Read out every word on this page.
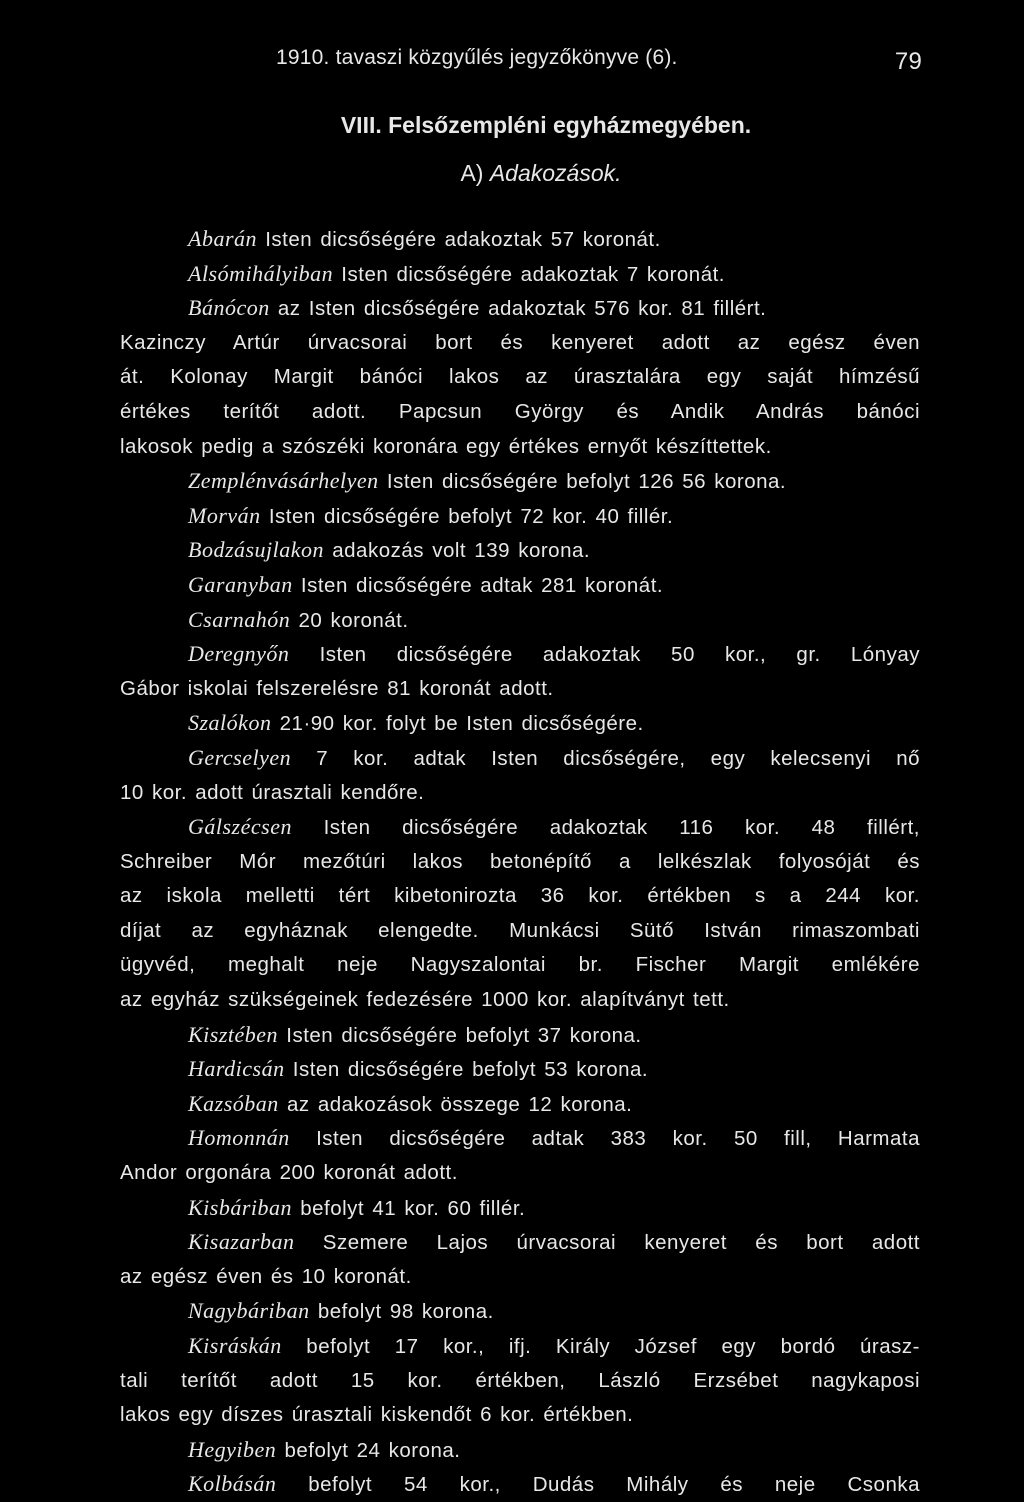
1910. tavaszi közgyűlés jegyzőkönyve (6).	79
VIII. Felsőzempléni egyházmegyében.
A) Adakozások.
Abarán Isten dicsőségére adakoztak 57 koronát.
Alsómihályiban Isten dicsőségére adakoztak 7 koronát.
Bánócon az Isten dicsőségére adakoztak 576 kor. 81 fillért.
Kazinczy Artúr úrvacsorai bort és kenyeret adott az egész éven
át. Kolonay Margit bánóci lakos az úrasztalára egy saját hímzésű
értékes terítőt adott. Papcsun György és Andik András bánóci
lakosok pedig a szószéki koronára egy értékes ernyőt készíttettek.
Zemplénvásárhelyen Isten dicsőségére befolyt 126 56 korona.
Morván Isten dicsőségére befolyt 72 kor. 40 fillér.
Bodzásujlakon adakozás volt 139 korona.
Garanyban Isten dicsőségére adtak 281 koronát.
Csarnahón 20 koronát.
Deregnyőn Isten dicsőségére adakoztak 50 kor., gr. Lónyay
Gábor iskolai felszerelésre 81 koronát adott.
Szalókon 21·90 kor. folyt be Isten dicsőségére.
Gercselyen 7 kor. adtak Isten dicsőségére, egy kelecsenyi nő
10 kor. adott úrasztali kendőre.
Gálszécsen Isten dicsőségére adakoztak 116 kor. 48 fillért,
Schreiber Mór mezőtúri lakos betonépítő a lelkészlak folyosóját és
az iskola melletti tért kibetonirozta 36 kor. értékben s a 244 kor.
díjat az egyháznak elengedte. Munkácsi Sütő István rimaszombati
ügyvéd, meghalt neje Nagyszalontai br. Fischer Margit emlékére
az egyház szükségeinek fedezésére 1000 kor. alapítványt tett.
Kisztében Isten dicsőségére befolyt 37 korona.
Hardicsán Isten dicsőségére befolyt 53 korona.
Kazsóban az adakozások összege 12 korona.
Homonnán Isten dicsőségére adtak 383 kor. 50 fill, Harmata
Andor orgonára 200 koronát adott.
Kisbáriban befolyt 41 kor. 60 fillér.
Kisazarban Szemere Lajos úrvacsorai kenyeret és bort adott
az egész éven és 10 koronát.
Nagybáriban befolyt 98 korona.
Kisráskán befolyt 17 kor., ifj. Király József egy bordó úrasz-
tali terítőt adott 15 kor. értékben, László Erzsébet nagykaposi
lakos egy díszes úrasztali kiskendőt 6 kor. értékben.
Hegyiben befolyt 24 korona.
Kolbásán befolyt 54 kor., Dudás Mihály és neje Csonka
